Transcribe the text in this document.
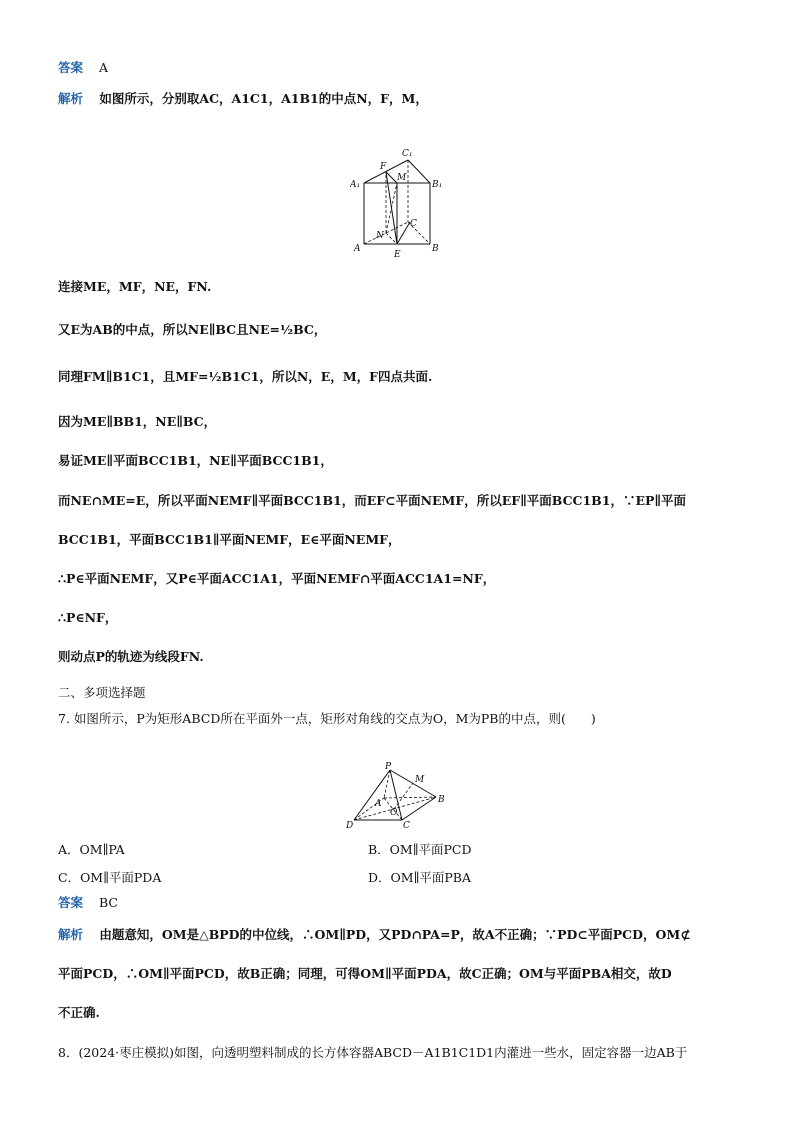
答案 A
解析 如图所示，分别取AC，A1C1，A1B1的中点N，F，M，
C₁
F
M
A₁	B₁
C
N
A
E
B
连接ME，MF，NE，FN.
又E为AB的中点，所以NE∥BC且NE=½BC，
同理FM∥B1C1，且MF=½B1C1，所以N，E，M，F四点共面.
因为ME∥BB1，NE∥BC，
易证ME∥平面BCC1B1，NE∥平面BCC1B1，
而NE∩ME=E，所以平面NEMF∥平面BCC1B1，而EF⊂平面NEMF，所以EF∥平面BCC1B1，∵EP∥平面
BCC1B1，平面BCC1B1∥平面NEMF，E∈平面NEMF，
∴P∈平面NEMF，又P∈平面ACC1A1，平面NEMF∩平面ACC1A1=NF，
∴P∈NF，
则动点P的轨迹为线段FN.
二、多项选择题
7. 如图所示，P为矩形ABCD所在平面外一点，矩形对角线的交点为O，M为PB的中点，则(　　)
P
M
A	B
O
D	C
A．OM∥PA	B．OM∥平面PCD
C．OM∥平面PDA	D．OM∥平面PBA
答案 BC
解析 由题意知，OM是△BPD的中位线，∴OM∥PD，又PD∩PA=P，故A不正确；∵PD⊂平面PCD，OM⊄
平面PCD，∴OM∥平面PCD，故B正确；同理，可得OM∥平面PDA，故C正确；OM与平面PBA相交，故D
不正确.
8．(2024·枣庄模拟)如图，向透明塑料制成的长方体容器ABCD－A1B1C1D1内灌进一些水，固定容器一边AB于
